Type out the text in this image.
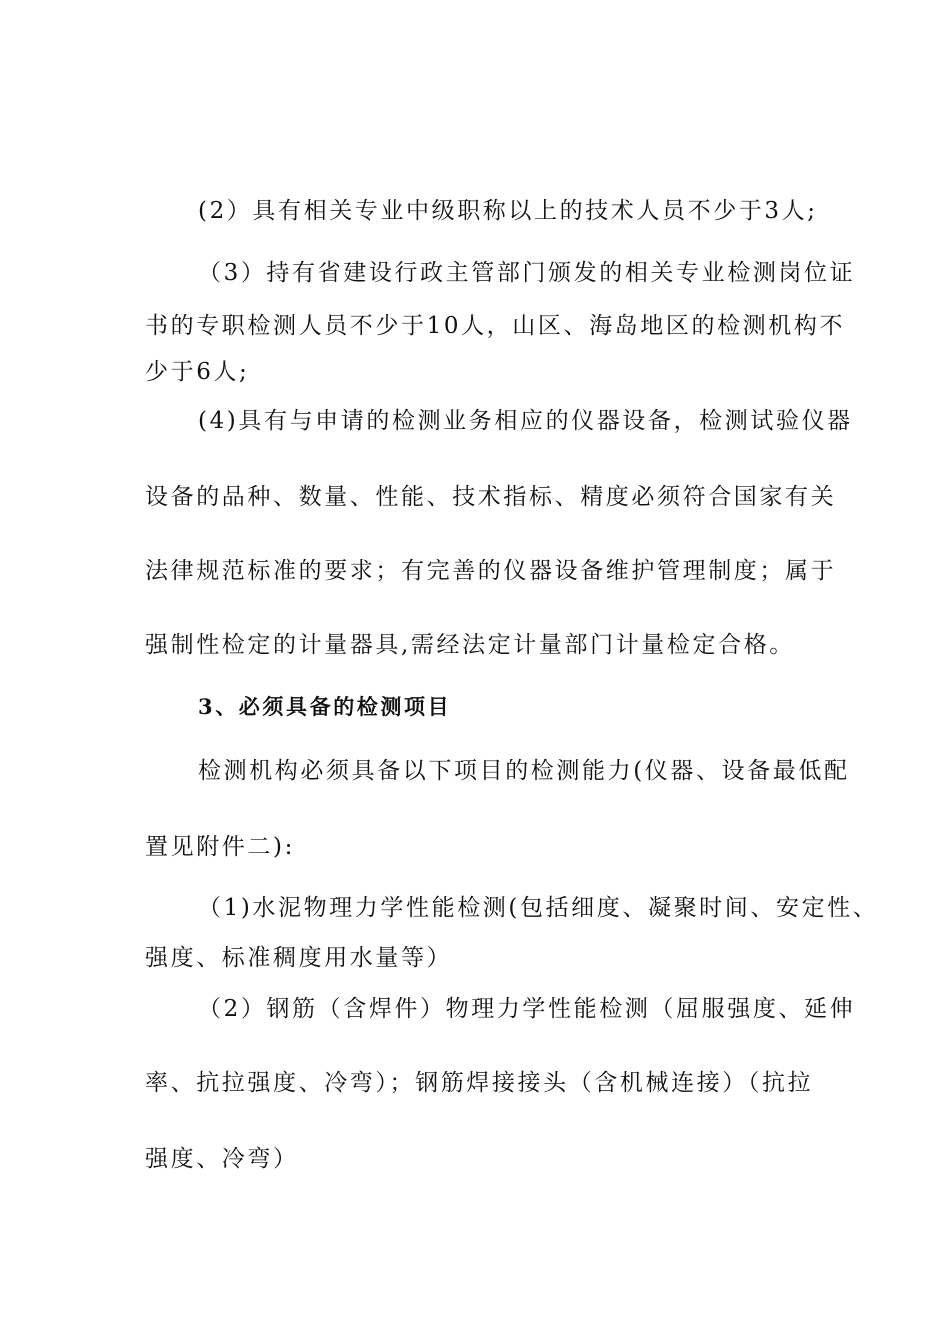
(2）具有相关专业中级职称以上的技术人员不少于3人;
（3）持有省建设行政主管部门颁发的相关专业检测岗位证
书的专职检测人员不少于10人，山区、海岛地区的检测机构不
少于6人;
(4)具有与申请的检测业务相应的仪器设备，检测试验仪器
设备的品种、数量、性能、技术指标、精度必须符合国家有关
法律规范标准的要求；有完善的仪器设备维护管理制度；属于
强制性检定的计量器具,需经法定计量部门计量检定合格。
3、必须具备的检测项目
检测机构必须具备以下项目的检测能力(仪器、设备最低配
置见附件二):
（1)水泥物理力学性能检测(包括细度、凝聚时间、安定性、
强度、标准稠度用水量等）
（2）钢筋（含焊件）物理力学性能检测（屈服强度、延伸
率、抗拉强度、冷弯）；钢筋焊接接头（含机械连接）（抗拉
强度、冷弯）
